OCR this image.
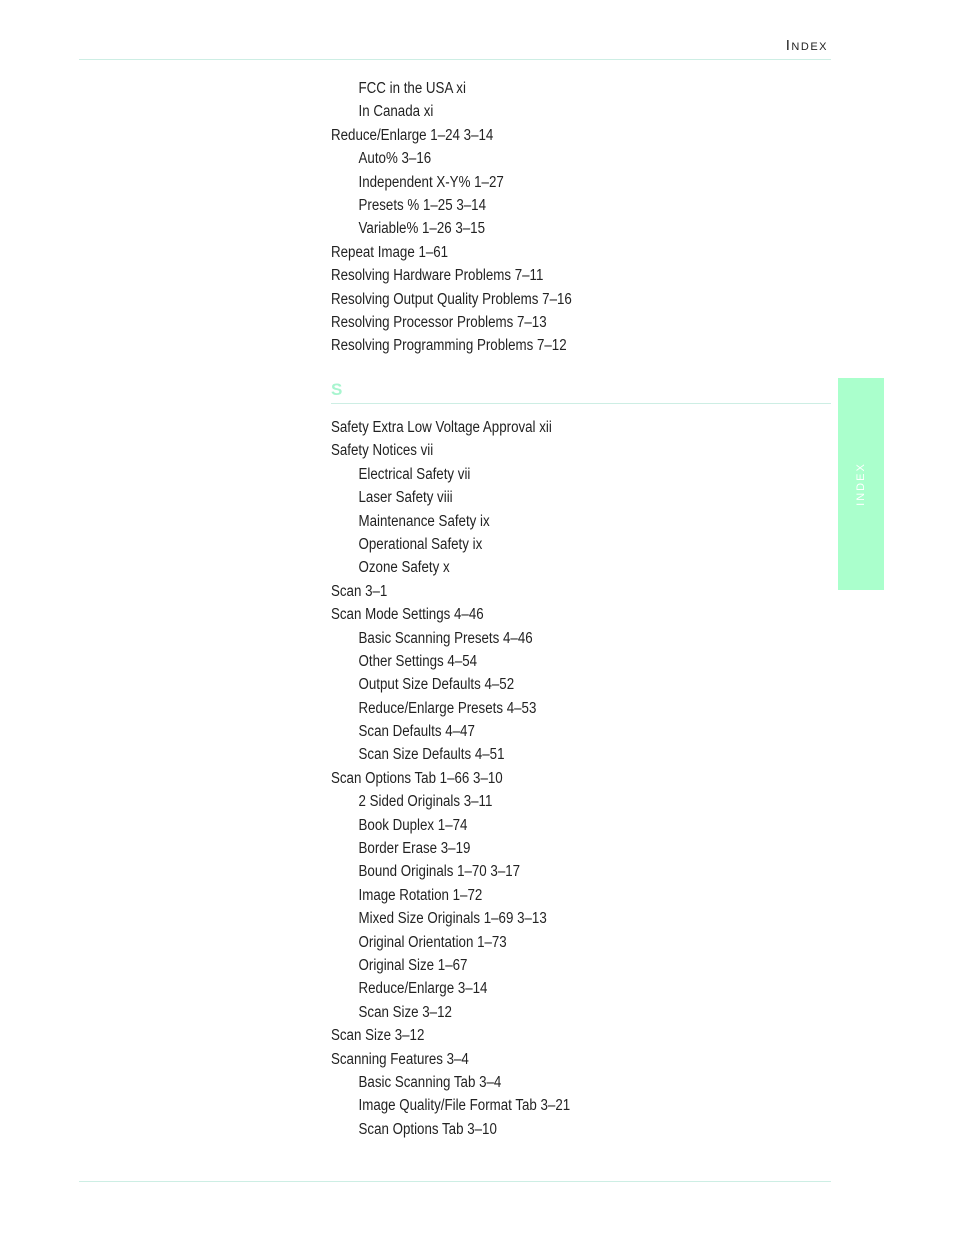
Index
FCC in the USA xi
In Canada xi
Reduce/Enlarge 1–24 3–14
Auto% 3–16
Independent X-Y% 1–27
Presets % 1–25 3–14
Variable% 1–26 3–15
Repeat Image 1–61
Resolving Hardware Problems 7–11
Resolving Output Quality Problems 7–16
Resolving Processor Problems 7–13
Resolving Programming Problems 7–12
S
Safety Extra Low Voltage Approval xii
Safety Notices vii
Electrical Safety vii
Laser Safety viii
Maintenance Safety ix
Operational Safety ix
Ozone Safety x
Scan 3–1
Scan Mode Settings 4–46
Basic Scanning Presets 4–46
Other Settings 4–54
Output Size Defaults 4–52
Reduce/Enlarge Presets 4–53
Scan Defaults 4–47
Scan Size Defaults 4–51
Scan Options Tab 1–66 3–10
2 Sided Originals 3–11
Book Duplex 1–74
Border Erase 3–19
Bound Originals 1–70 3–17
Image Rotation 1–72
Mixed Size Originals 1–69 3–13
Original Orientation 1–73
Original Size 1–67
Reduce/Enlarge 3–14
Scan Size 3–12
Scan Size 3–12
Scanning Features 3–4
Basic Scanning Tab 3–4
Image Quality/File Format Tab 3–21
Scan Options Tab 3–10
INDEX
